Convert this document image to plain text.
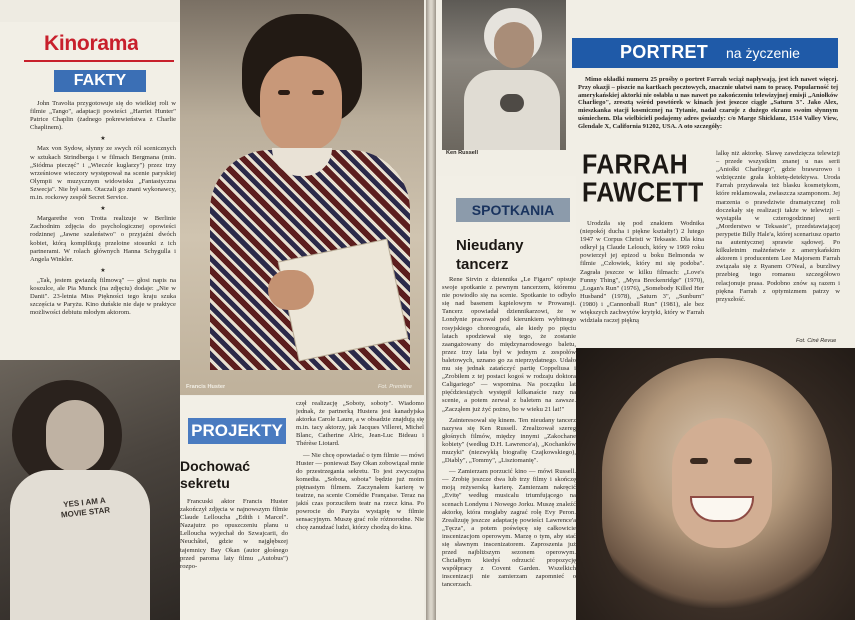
Kinorama
FAKTY

John Travolta przygotowuje się do wielkiej roli w filmie „Tango", adaptacji powieści „Harriet Hunter" Patrice Chaplin (żadnego pokrewieństwa z Charlie Chaplinem).

★

Max von Sydow, słynny ze swych ról scenicznych w sztukach Strindberga i w filmach Bergmana (min. „Siódma pieczęć" i „Wieczór kuglarzy") przez trzy wrześniowe wieczory występował na scenie paryskiej Olympii w muzycznym widowisku „Fantastyczna Szwecja". Nie był sam. Otaczali go znani wykonawcy, m.in. rockowy zespół Secret Service.

★

Margarethe von Trotta realizuje w Berlinie Zachodnim zdjęcia do psychologicznej opowieści rodzinnej „Jawne szaleństwo" o przyjaźni dwóch kobiet, którą komplikują przelotne stosunki z ich partnerami. W rolach głównych Hanna Schygulla i Angela Winkler.

★

„Tak, jestem gwiazdą filmową" — głosi napis na koszulce, ale Pia Munck (na zdjęciu) dodaje: „Nie w Danii". 23-letnia Miss Piękności tego kraju szuka szczęścia w Paryżu. Kino duńskie nie daje w praktyce możliwości debiutu młodym aktorom.

Francis Huster	Fot. Première
YES I AM A MOVIE STAR
PROJEKTY
Dochować sekretu

Francuski aktor Francis Huster zakończył zdjęcia w najnowszym filmie Claude Lelloucha „Edith i Marcel". Nazajutrz po opuszczeniu planu u Lelloucha wyjechał do Szwajcarii, do Neuchâtel, gdzie w najgłębszej tajemnicy Bay Okan (autor głośnego przed paroma laty filmu „Autobus") rozpo-

częł realizację „Soboty, soboty". Wiadomo jednak, że partnerką Hustera jest kanadyjska aktorka Carole Laure, a w obsadzie znajdują się m.in. tacy aktorzy, jak Jacques Villeret, Michel Blanc, Catherine Alric, Jean-Luc Bideau i Thérèse Liotard.

— Nie chcę opowiadać o tym filmie — mówi Huster — ponieważ Bay Okan zobowiązał mnie do przestrzegania sekretu. To jest zwyczajna komedia. „Sobota, sobota" będzie już moim piętnastym filmem. Zaczynałem karierę w teatrze, na scenie Comédie Française. Teraz na jakiś czas porzuciłem teatr na rzecz kina. Po powrocie do Paryża wystąpię w filmie sensacyjnym. Muszę grać role różnorodne. Nie chcę zanudzać ludzi, którzy chodzą do kina.

Ken Russell
SPOTKANIA
Nieudany tancerz

Rene Sirvin z dziennika „Le Figaro" opisuje swoje spotkanie z pewnym tancerzem, któremu nie powiodło się na scenie. Spotkanie to odbyło się nad basenem kąpielowym w Prowansji. Tancerz opowiadał dziennikarzowi, że w Londynie pracował pod kierunkiem wybitnego rosyjskiego choreografa, ale kiedy po pięciu latach spodziewał się tego, że zostanie zaangażowany do międzynarodowego baletu, przez trzy lata był w jednym z zespołów baletowych, uznano go za nieprzydatnego. Udało mu się jednak zatańczyć partię Coppeliusa i „Zrobiłem z tej postaci kogoś w rodzaju doktora Caligariego" — wspomina. Na początku lat pięćdziesiątych występił kilkanaście razy na scenie, a potem zerwał z baletem na zawsze. „Zacząłem już żyć pożno, bo w wieku 21 lat!"

Zainteresował się kinem. Ten nieudany tancerz nazywa się Ken Russell. Zrealizował szereg głośnych filmów, między innymi „Zakochane kobiety" (według D.H. Lawrence'a), „Kochanków muzyki" (niezwykłą biografię Czajkowskiego), „Diably", „Tommy", „Lisztomanię".

— Zamierzam porzucić kino — mówi Russell. — Zrobię jeszcze dwa lub trzy filmy i skończę moją reżyserską karierę. Zamierzam nakręcić „Evitę" według musicalu triumfującego na scenach Londynu i Nowego Jorku. Muszę znaleźć aktorkę, która mogłaby zagrać rolę Evy Peron. Zrealizuję jeszcze adaptację powieści Lawrence'a „Tęcza", a potem poświęcę się całkowicie inscenizacjom operowym. Marzę o tym, aby stać się sławnym inscenizatorem. Zaproszenia już przed najbliższym sezonem operowym. Chciałbym kiedyś odrzucić propozycję współpracy z Covent Garden. Wszelkich inscenizacji nie zamierzam zapomnieć o tancerzach.

PORTRET na życzenie

Mimo okładki numeru 25 prośby o portret Farrah wciąż napływają, jest ich nawet więcej. Przy okazji – piszcie na kartkach pocztowych, znacznie ułatwi nam to pracę. Popularność tej amerykańskiej aktorki nie osłabła u nas nawet po zakończeniu telewizyjnej emisji „Aniołków Charliego", zresztą wśród powtórek w kinach jest jeszcze ciągle „Saturn 3". Jako Alex, mieszkanka stacji kosmicznej na Tytanie, nadał czaruje z dużego ekranu swoim słynnym uśmiechem. Dla wielbicieli podajemy adres gwiazdy: c/o Marge Shicklanz, 1514 Valley View, Glendale X, California 91202, USA. A oto szczegóły:

FARRAH
FAWCETT

Urodziła się pod znakiem Wodnika (niepokój ducha i piękne kształty!) 2 lutego 1947 w Corpus Christi w Teksasie. Dla kina odkrył ją Claude Lelouch, który w 1969 roku powierzył jej epizod u boku Belmonda w filmie „Człowiek, który mi się podoba". Zagrała jeszcze w kilku filmach: „Love's Funny Thing", „Myra Breckenridge" (1970), „Logan's Run" (1976), „Somebody Killed Her Husband" (1978), „Saturn 3", „Sunburn" (1980) i „Cannonball Run" (1981), ale bez większych zachwytów krytyki, który w Farrah widziała raczej piękną

lalkę niż aktorkę. Sławę zawdzięcza telewizji – przede wszystkim znanej u nas serii „Aniołki Charliego", gdzie brawurowo i wdzięcznie grała kobietę-detektywa. Uroda Farrah przydawała też blasku kosmetykom, które reklamowała, zwłaszcza szamponom. Jej marzenia o prawdziwie dramatycznej roli doczekały się realizacji także w telewizji – wystąpiła w czterogodzinnej serii „Morderstwo w Teksasie", przedstawiającej perypetie Billy Hale'a, której scenariusz oparto na autentycznej sprawie sądowej. Po kilkuletnim małżeństwie z amerykańskim aktorem i producentem Lee Majorsem Farrah związała się z Ryanem O'Neal, a burzliwy przebieg tego romansu szczegółowo relacjonuje prasa. Podobno znów są razem i piękna Farrah z optymizmem patrzy w przyszłość.

Fot. Ciné Revue
